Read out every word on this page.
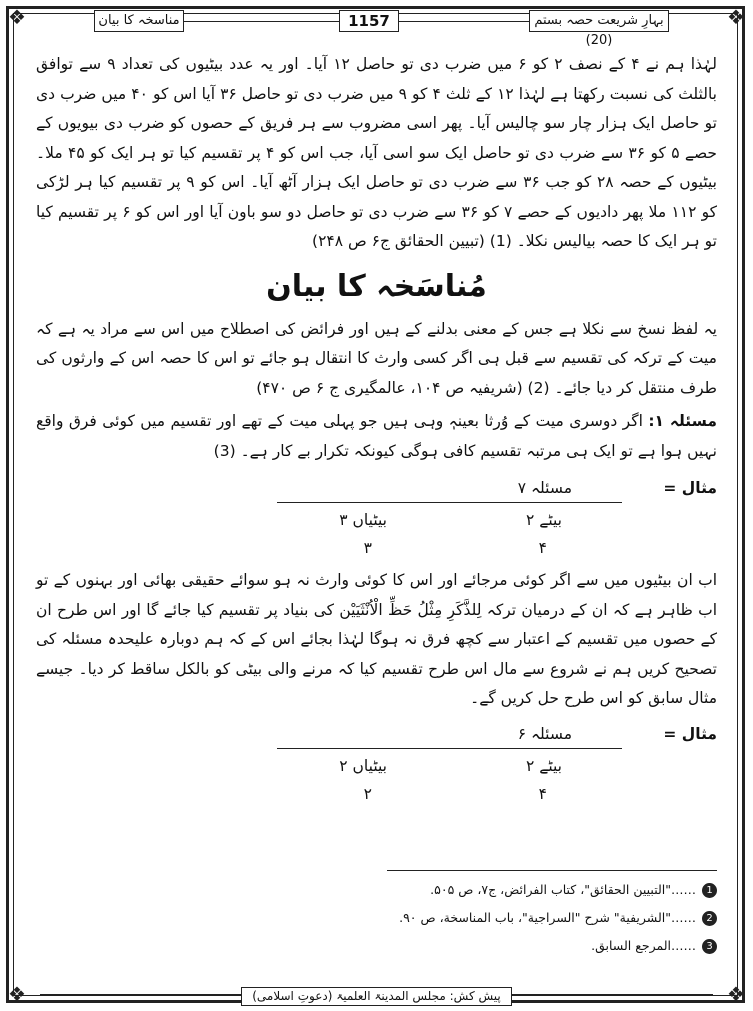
❖	❖
❖	❖
بہارِ شریعت حصہ بستم (20)
1157
مناسخہ کا بیان

لہٰذا ہم نے ۴ کے نصف ۲ کو ۶ میں ضرب دی تو حاصل ۱۲ آیا۔ اور یہ عدد بیٹیوں کی تعداد ۹ سے توافق بالثلث کی نسبت رکھتا ہے لہٰذا ۱۲ کے ثلث ۴ کو ۹ میں ضرب دی تو حاصل ۳۶ آیا اس کو ۴۰ میں ضرب دی تو حاصل ایک ہزار چار سو چالیس آیا۔ پھر اسی مضروب سے ہر فریق کے حصوں کو ضرب دی بیویوں کے حصے ۵ کو ۳۶ سے ضرب دی تو حاصل ایک سو اسی آیا، جب اس کو ۴ پر تقسیم کیا تو ہر ایک کو ۴۵ ملا۔ بیٹیوں کے حصہ ۲۸ کو جب ۳۶ سے ضرب دی تو حاصل ایک ہزار آٹھ آیا۔ اس کو ۹ پر تقسیم کیا ہر لڑکی کو ۱۱۲ ملا پھر دادیوں کے حصے ۷ کو ۳۶ سے ضرب دی تو حاصل دو سو باون آیا اور اس کو ۶ پر تقسیم کیا تو ہر ایک کا حصہ بیالیس نکلا۔ (1) (تبیین الحقائق ج۶ ص ۲۴۸)

مُناسَخہ کا بیان

یہ لفظ نسخ سے نکلا ہے جس کے معنی بدلنے کے ہیں اور فرائض کی اصطلاح میں اس سے مراد یہ ہے کہ میت کے ترکہ کی تقسیم سے قبل ہی اگر کسی وارث کا انتقال ہو جائے تو اس کا حصہ اس کے وارثوں کی طرف منتقل کر دیا جائے۔ (2) (شریفیہ ص ۱۰۴، عالمگیری ج ۶ ص ۴۷۰)

مسئلہ ۱: اگر دوسری میت کے وُرثا بعینہٖ وہی ہیں جو پہلی میت کے تھے اور تقسیم میں کوئی فرق واقع نہیں ہوا ہے تو ایک ہی مرتبہ تقسیم کافی ہوگی کیونکہ تکرار بے کار ہے۔ (3)

مثال =
مسئلہ ۷
بیٹے ۲
بیٹیاں ۳
۴
۳

اب ان بیٹیوں میں سے اگر کوئی مرجائے اور اس کا کوئی وارث نہ ہو سوائے حقیقی بھائی اور بہنوں کے تو اب ظاہر ہے کہ ان کے درمیان ترکہ لِلذَّکَرِ مِثْلُ حَظِّ الْاُنْثَیَیْن کی بنیاد پر تقسیم کیا جائے گا اور اس طرح ان کے حصوں میں تقسیم کے اعتبار سے کچھ فرق نہ ہوگا لہٰذا بجائے اس کے کہ ہم دوبارہ علیحدہ مسئلہ کی تصحیح کریں ہم نے شروع سے مال اس طرح تقسیم کیا کہ مرنے والی بیٹی کو بالکل ساقط کر دیا۔ جیسے مثال سابق کو اس طرح حل کریں گے۔

مثال =
مسئلہ ۶
بیٹے ۲
بیٹیاں ۲
۴
۲
1
……"التبيين الحقائق"، كتاب الفرائض، ج۷، ص ۵۰۵.
2
……"الشريفية" شرح "السراجية"، باب المناسخة، ص ۹۰.
3
……المرجع السابق.
پیش کش: مجلس المدینۃ العلمیۃ (دعوتِ اسلامی)
